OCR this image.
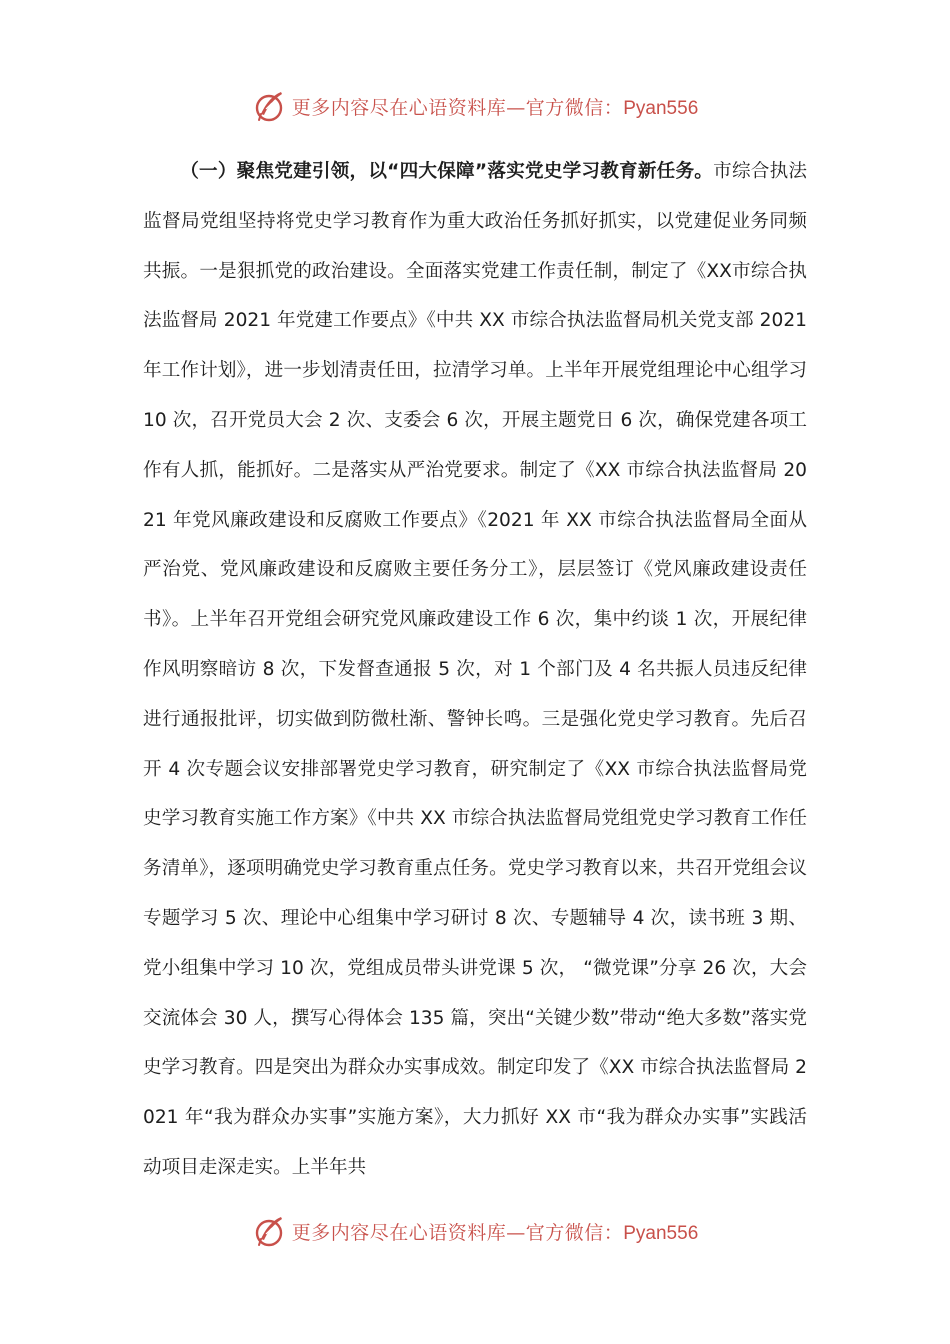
更多内容尽在心语资料库—官方微信：Pyan556

（一）聚焦党建引领，以“四大保障”落实党史学习教育新任务。市综合执法监督局党组坚持将党史学习教育作为重大政治任务抓好抓实，以党建促业务同频共振。一是狠抓党的政治建设。全面落实党建工作责任制，制定了《XX市综合执法监督局 2021 年党建工作要点》《中共 XX 市综合执法监督局机关党支部 2021 年工作计划》，进一步划清责任田，拉清学习单。上半年开展党组理论中心组学习 10 次，召开党员大会 2 次、支委会 6 次，开展主题党日 6 次，确保党建各项工作有人抓，能抓好。二是落实从严治党要求。制定了《XX 市综合执法监督局 2021 年党风廉政建设和反腐败工作要点》《2021 年 XX 市综合执法监督局全面从严治党、党风廉政建设和反腐败主要任务分工》，层层签订《党风廉政建设责任书》。上半年召开党组会研究党风廉政建设工作 6 次，集中约谈 1 次，开展纪律作风明察暗访 8 次，下发督查通报 5 次，对 1 个部门及 4 名共振人员违反纪律进行通报批评，切实做到防微杜渐、警钟长鸣。三是强化党史学习教育。先后召开 4 次专题会议安排部署党史学习教育，研究制定了《XX 市综合执法监督局党史学习教育实施工作方案》《中共 XX 市综合执法监督局党组党史学习教育工作任务清单》，逐项明确党史学习教育重点任务。党史学习教育以来，共召开党组会议专题学习 5 次、理论中心组集中学习研讨 8 次、专题辅导 4 次，读书班 3 期、党小组集中学习 10 次，党组成员带头讲党课 5 次， “微党课”分享 26 次，大会交流体会 30 人，撰写心得体会 135 篇，突出“关键少数”带动“绝大多数”落实党史学习教育。四是突出为群众办实事成效。制定印发了《XX 市综合执法监督局 2021 年“我为群众办实事”实施方案》，大力抓好 XX 市“我为群众办实事”实践活动项目走深走实。上半年共

更多内容尽在心语资料库—官方微信：Pyan556
